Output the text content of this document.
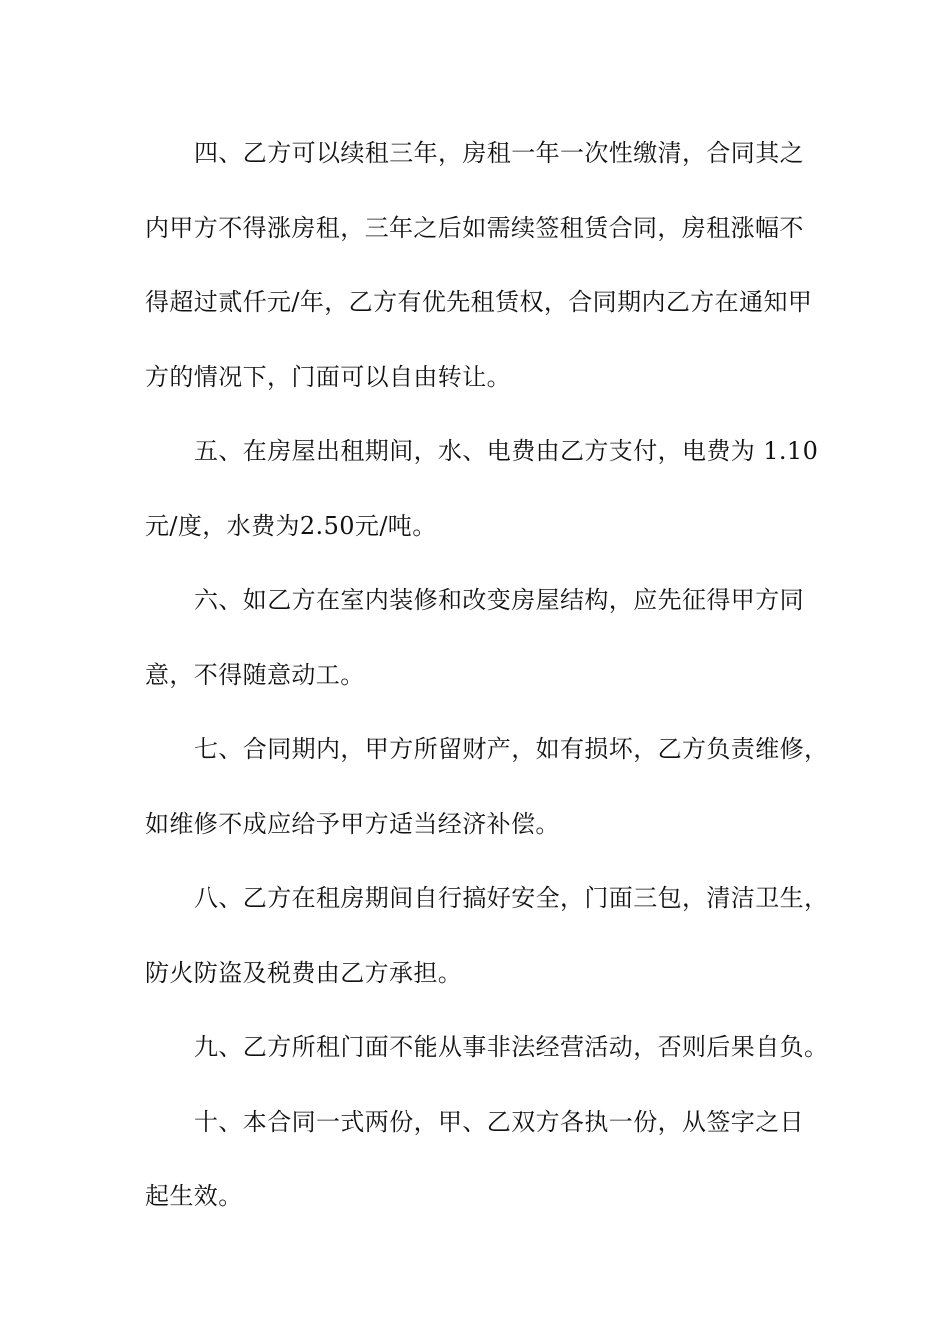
四、乙方可以续租三年，房租一年一次性缴清，合同其之
内甲方不得涨房租，三年之后如需续签租赁合同，房租涨幅不
得超过贰仟元/年，乙方有优先租赁权，合同期内乙方在通知甲
方的情况下，门面可以自由转让。
五、在房屋出租期间，水、电费由乙方支付，电费为 1.10
元/度，水费为2.50元/吨。
六、如乙方在室内装修和改变房屋结构，应先征得甲方同
意，不得随意动工。
七、合同期内，甲方所留财产，如有损坏，乙方负责维修，
如维修不成应给予甲方适当经济补偿。
八、乙方在租房期间自行搞好安全，门面三包，清洁卫生，
防火防盗及税费由乙方承担。
九、乙方所租门面不能从事非法经营活动，否则后果自负。
十、本合同一式两份，甲、乙双方各执一份，从签字之日
起生效。
